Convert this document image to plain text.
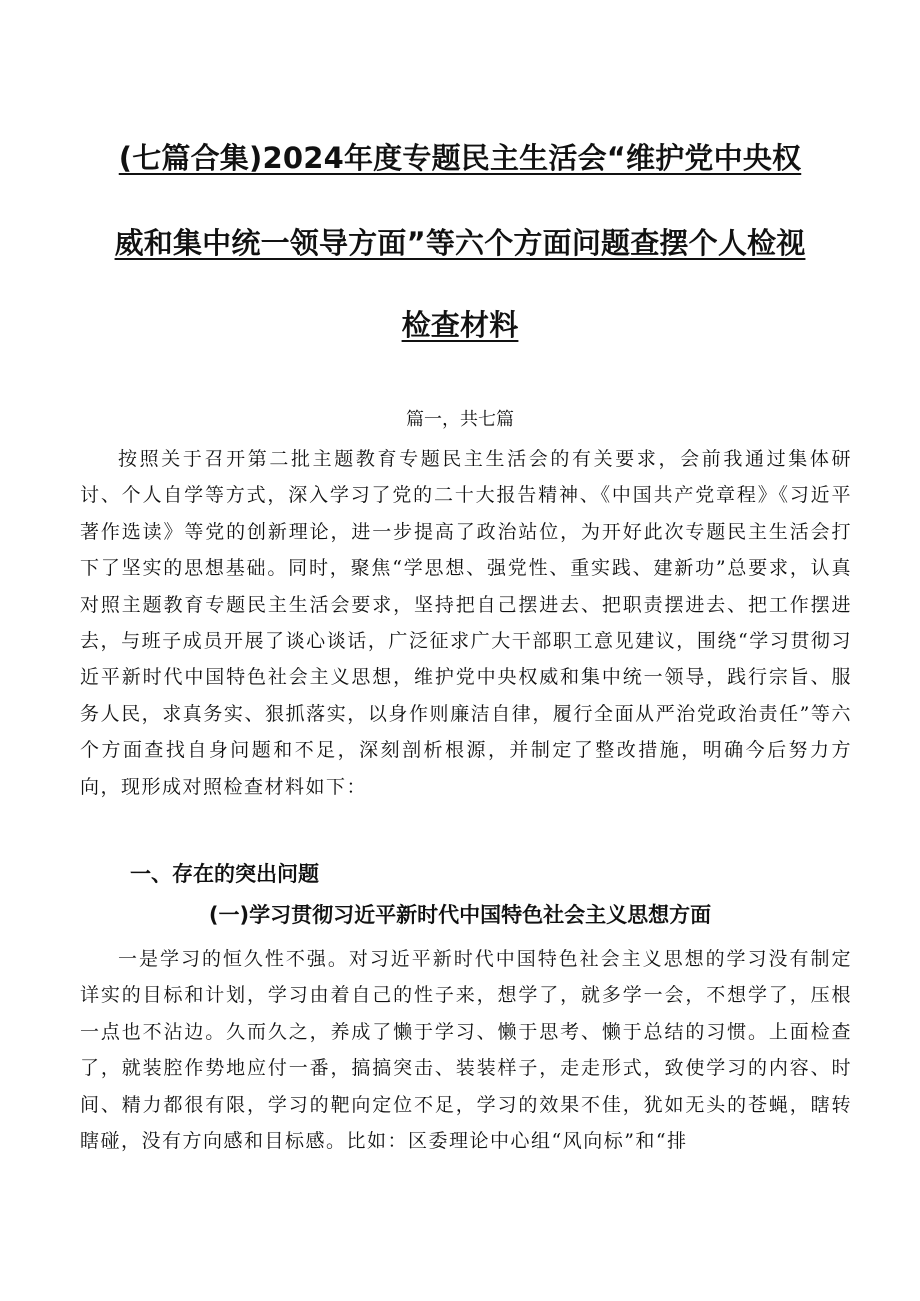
(七篇合集)2024年度专题民主生活会“维护党中央权
威和集中统一领导方面”等六个方面问题查摆个人检视
检查材料
篇一，共七篇

按照关于召开第二批主题教育专题民主生活会的有关要求，会前我通过集体研讨、个人自学等方式，深入学习了党的二十大报告精神、《中国共产党章程》《习近平著作选读》等党的创新理论，进一步提高了政治站位，为开好此次专题民主生活会打下了坚实的思想基础。同时，聚焦“学思想、强党性、重实践、建新功”总要求，认真对照主题教育专题民主生活会要求，坚持把自己摆进去、把职责摆进去、把工作摆进去，与班子成员开展了谈心谈话，广泛征求广大干部职工意见建议，围绕“学习贯彻习近平新时代中国特色社会主义思想，维护党中央权威和集中统一领导，践行宗旨、服务人民，求真务实、狠抓落实，以身作则廉洁自律，履行全面从严治党政治责任”等六个方面查找自身问题和不足，深刻剖析根源，并制定了整改措施，明确今后努力方向，现形成对照检查材料如下：

一、存在的突出问题
(一)学习贯彻习近平新时代中国特色社会主义思想方面

一是学习的恒久性不强。对习近平新时代中国特色社会主义思想的学习没有制定详实的目标和计划，学习由着自己的性子来，想学了，就多学一会，不想学了，压根一点也不沾边。久而久之，养成了懒于学习、懒于思考、懒于总结的习惯。上面检查了，就装腔作势地应付一番，搞搞突击、装装样子，走走形式，致使学习的内容、时间、精力都很有限，学习的靶向定位不足，学习的效果不佳，犹如无头的苍蝇，瞎转瞎碰，没有方向感和目标感。比如：区委理论中心组“风向标”和“排
